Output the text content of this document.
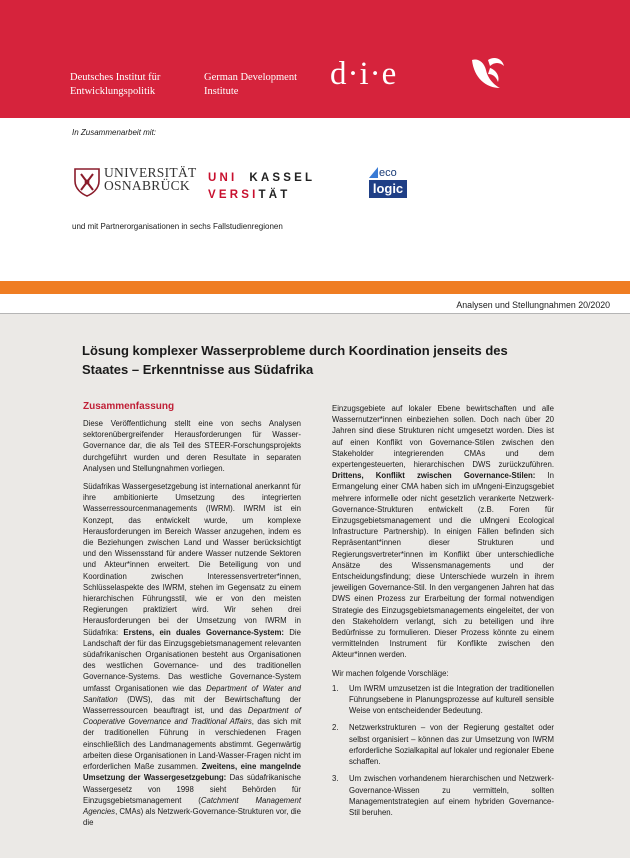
Deutsches Institut für
Entwicklungspolitik
German Development
Institute	d·i·e
In Zusammenarbeit mit:
UNIVERSITÄT
OSNABRÜCK	UNI KASSEL
VERSITÄT
eco
logic
und mit Partnerorganisationen in sechs Fallstudienregionen
Analysen und Stellungnahmen 20/2020
Lösung komplexer Wasserprobleme durch Koordination jenseits des
Staates – Erkenntnisse aus Südafrika
Zusammenfassung

Diese Veröffentlichung stellt eine von sechs Analysen sektorenübergreifender Herausforderungen für Wasser-Governance dar, die als Teil des STEER-Forschungsprojekts durchgeführt wurden und deren Resultate in separaten Analysen und Stellungnahmen vorliegen.

Südafrikas Wassergesetzgebung ist international anerkannt für ihre ambitionierte Umsetzung des integrierten Wasserressourcenmanagements (IWRM). IWRM ist ein Konzept, das entwickelt wurde, um komplexe Herausforderungen im Bereich Wasser anzugehen, indem es die Beziehungen zwischen Land und Wasser berücksichtigt und den Wissensstand für andere Wasser nutzende Sektoren und Akteur*innen erweitert. Die Beteiligung von und Koordination zwischen Interessensvertreter*innen, Schlüsselaspekte des IWRM, stehen im Gegensatz zu einem hierarchischen Führungsstil, wie er von den meisten Regierungen praktiziert wird. Wir sehen drei Herausforderungen bei der Umsetzung von IWRM in Südafrika: Erstens, ein duales Governance-System: Die Landschaft der für das Einzugsgebietsmanagement relevanten südafrikanischen Organisationen besteht aus Organisationen des westlichen Governance- und des traditionellen Governance-Systems. Das westliche Governance-System umfasst Organisationen wie das Department of Water and Sanitation (DWS), das mit der Bewirtschaftung der Wasserressourcen beauftragt ist, und das Department of Cooperative Governance and Traditional Affairs, das sich mit der traditionellen Führung in verschiedenen Fragen einschließlich des Landmanagements abstimmt. Gegenwärtig arbeiten diese Organisationen in Land-Wasser-Fragen nicht im erforderlichen Maße zusammen. Zweitens, eine mangelnde Umsetzung der Wassergesetzgebung: Das südafrikanische Wassergesetz von 1998 sieht Behörden für Einzugsgebietsmanagement (Catchment Management Agencies, CMAs) als Netzwerk-Governance-Strukturen vor, die die

Einzugsgebiete auf lokaler Ebene bewirtschaften und alle Wassernutzer*innen einbeziehen sollen. Doch nach über 20 Jahren sind diese Strukturen nicht umgesetzt worden. Dies ist auf einen Konflikt von Governance-Stilen zwischen den Stakeholder integrierenden CMAs und dem expertengesteuerten, hierarchischen DWS zurückzuführen. Drittens, Konflikt zwischen Governance-Stilen: In Ermangelung einer CMA haben sich im uMngeni-Einzugsgebiet mehrere informelle oder nicht gesetzlich verankerte Netzwerk-Governance-Strukturen entwickelt (z.B. Foren für Einzugsgebietsmanagement und die uMngeni Ecological Infrastructure Partnership). In einigen Fällen befinden sich Repräsentant*innen dieser Strukturen und Regierungsvertreter*innen im Konflikt über unterschiedliche Ansätze des Wissensmanagements und der Entscheidungsfindung; diese Unterschiede wurzeln in ihrem jeweiligen Governance-Stil. In den vergangenen Jahren hat das DWS einen Prozess zur Erarbeitung der formal notwendigen Strategie des Einzugsgebietsmanagements eingeleitet, der von den Stakeholdern verlangt, sich zu beteiligen und ihre Bedürfnisse zu formulieren. Dieser Prozess könnte zu einem vermittelnden Instrument für Konflikte zwischen den Akteur*innen werden.

Wir machen folgende Vorschläge:

1. Um IWRM umzusetzen ist die Integration der traditionellen Führungsebene in Planungsprozesse auf kulturell sensible Weise von entscheidender Bedeutung.
2. Netzwerkstrukturen – von der Regierung gestaltet oder selbst organisiert – können das zur Umsetzung von IWRM erforderliche Sozialkapital auf lokaler und regionaler Ebene schaffen.
3. Um zwischen vorhandenem hierarchischen und Netzwerk-Governance-Wissen zu vermitteln, sollten Managementstrategien auf einem hybriden Governance-Stil beruhen.
